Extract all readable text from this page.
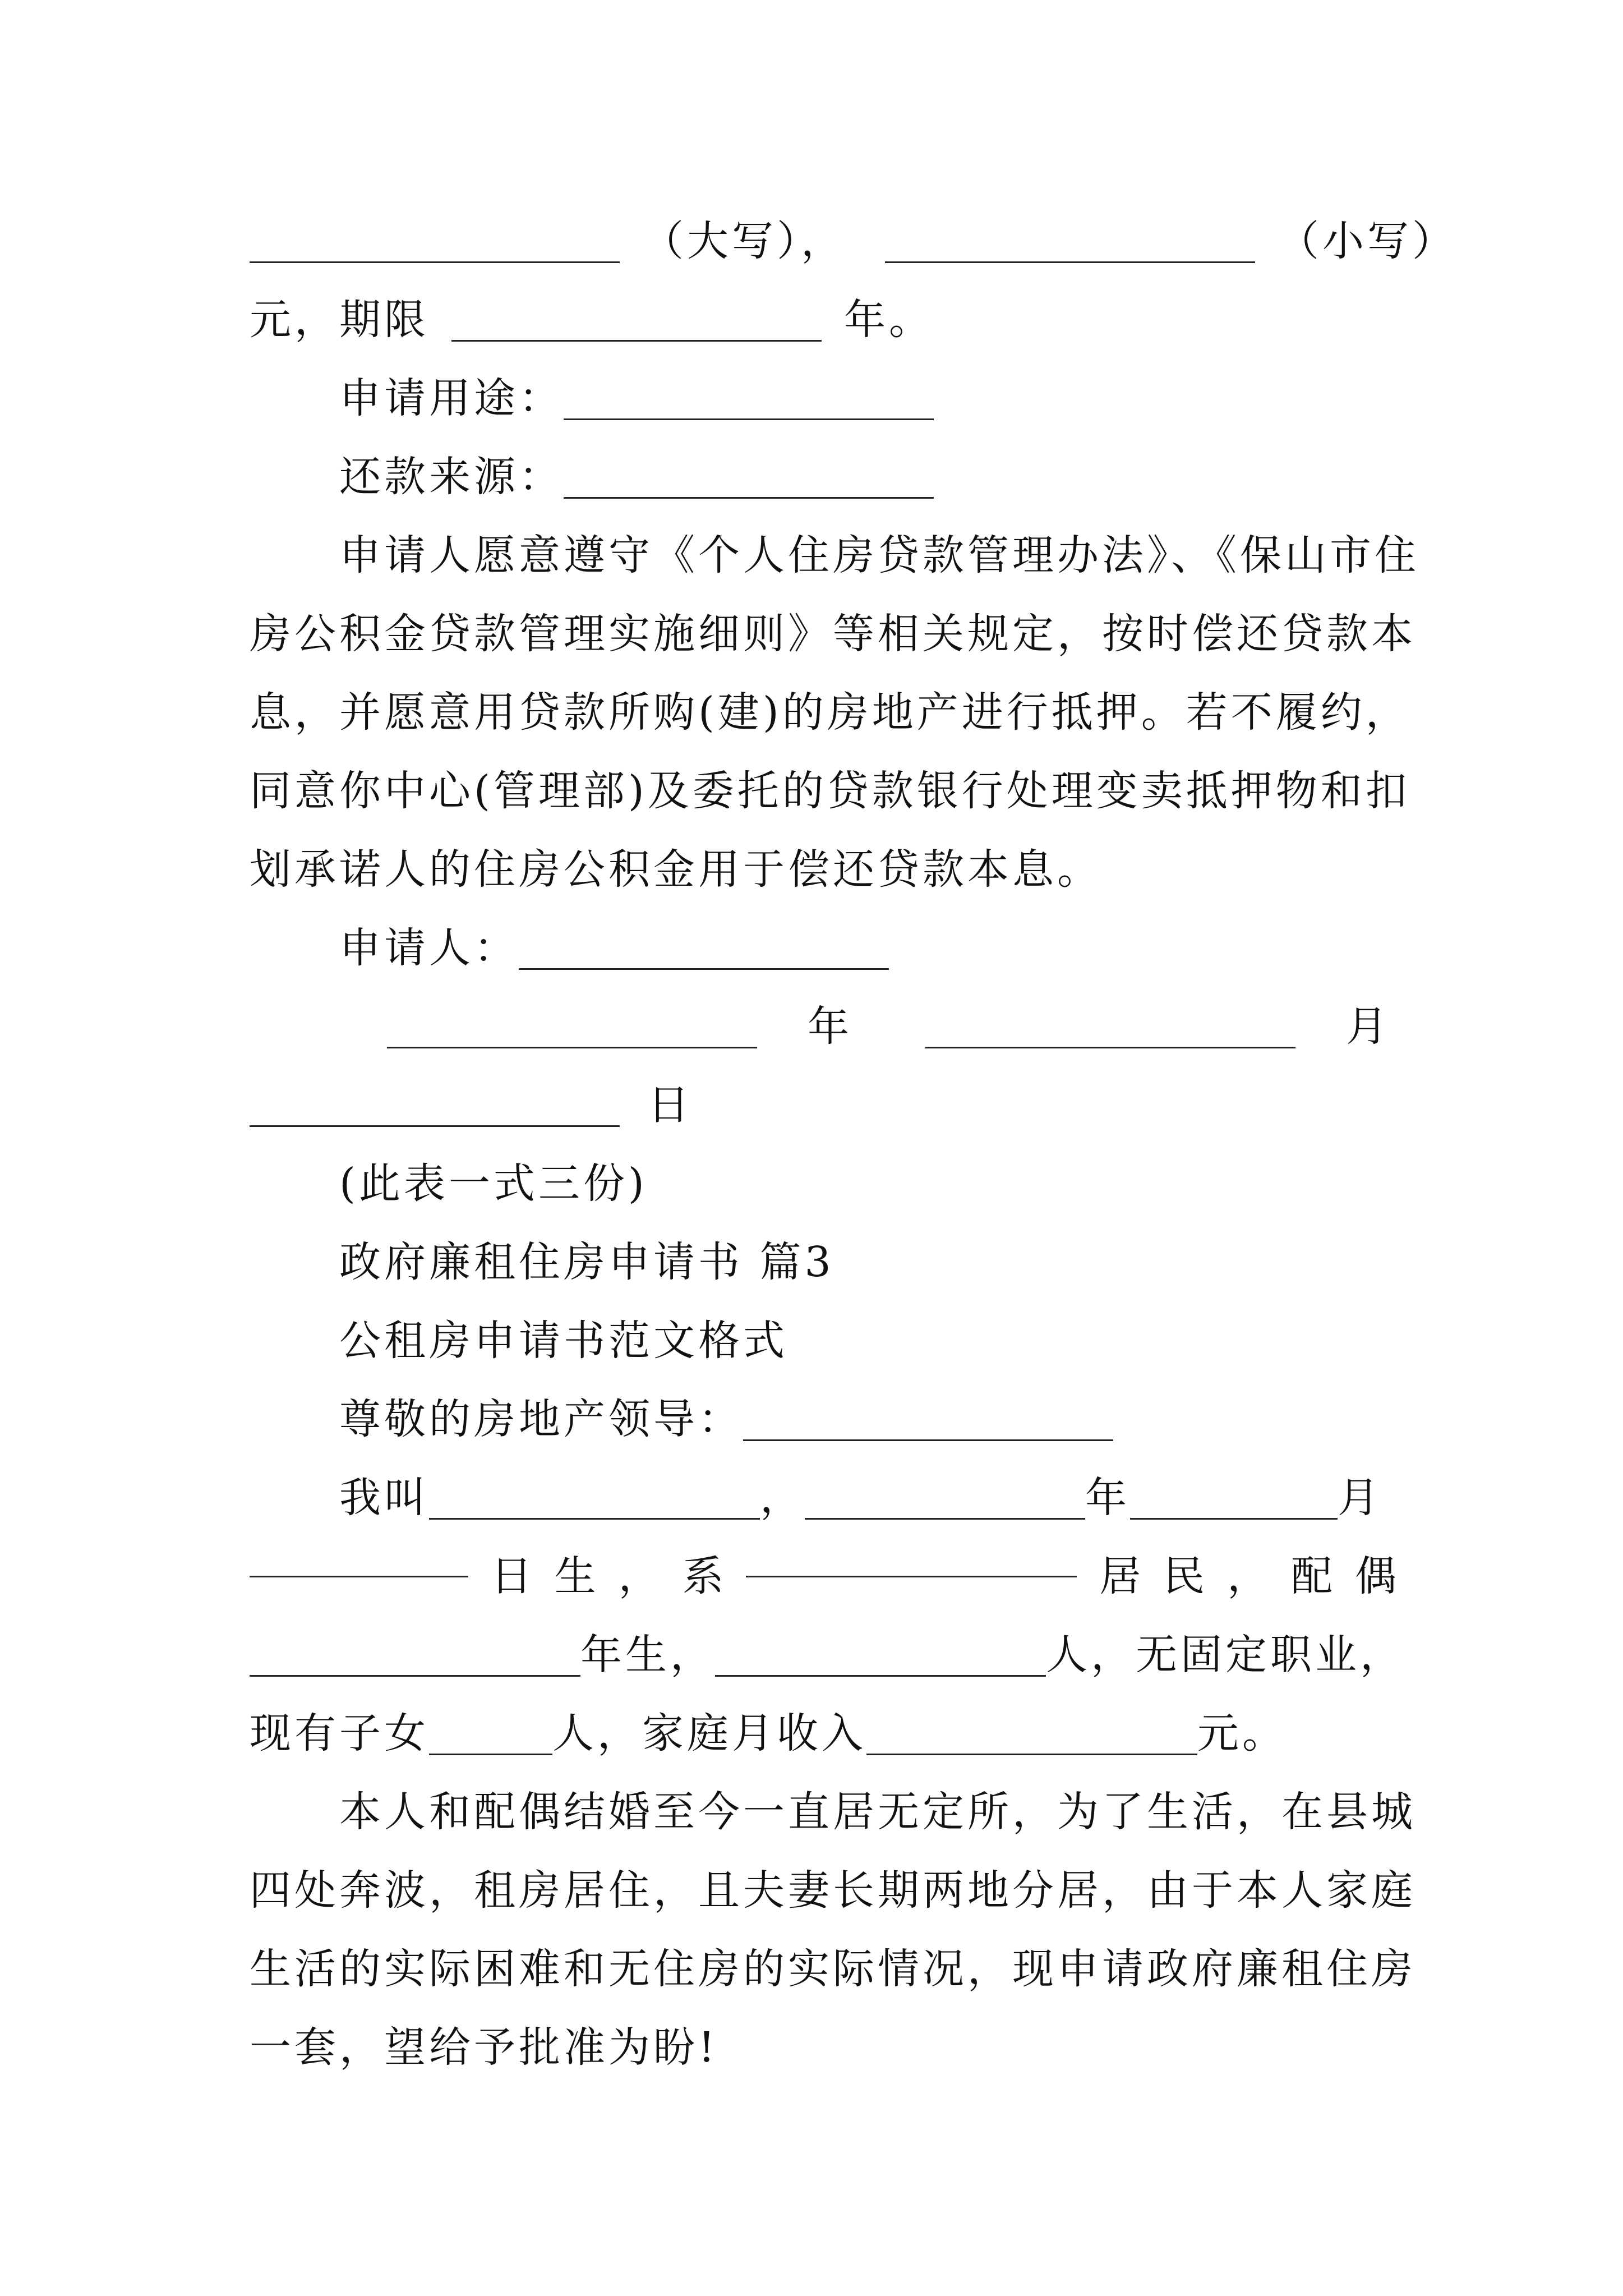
（大写），	（小写）
元，期限	年。
申请用途：
还款来源：
申请人愿意遵守《个人住房贷款管理办法》、《保山市住
房公积金贷款管理实施细则》等相关规定，按时偿还贷款本
息，并愿意用贷款所购(建)的房地产进行抵押。若不履约，
同意你中心(管理部)及委托的贷款银行处理变卖抵押物和扣
划承诺人的住房公积金用于偿还贷款本息。
申请人：
年	月
日
(此表一式三份)
政府廉租住房申请书 篇3
公租房申请书范文格式
尊敬的房地产领导：
我叫	，	年	月
日 生 ， 系	居 民 ， 配 偶
年生，	人，无固定职业，
现有子女	人，家庭月收入	元。
本人和配偶结婚至今一直居无定所，为了生活，在县城
四处奔波，租房居住，且夫妻长期两地分居，由于本人家庭
生活的实际困难和无住房的实际情况，现申请政府廉租住房
一套，望给予批准为盼!
